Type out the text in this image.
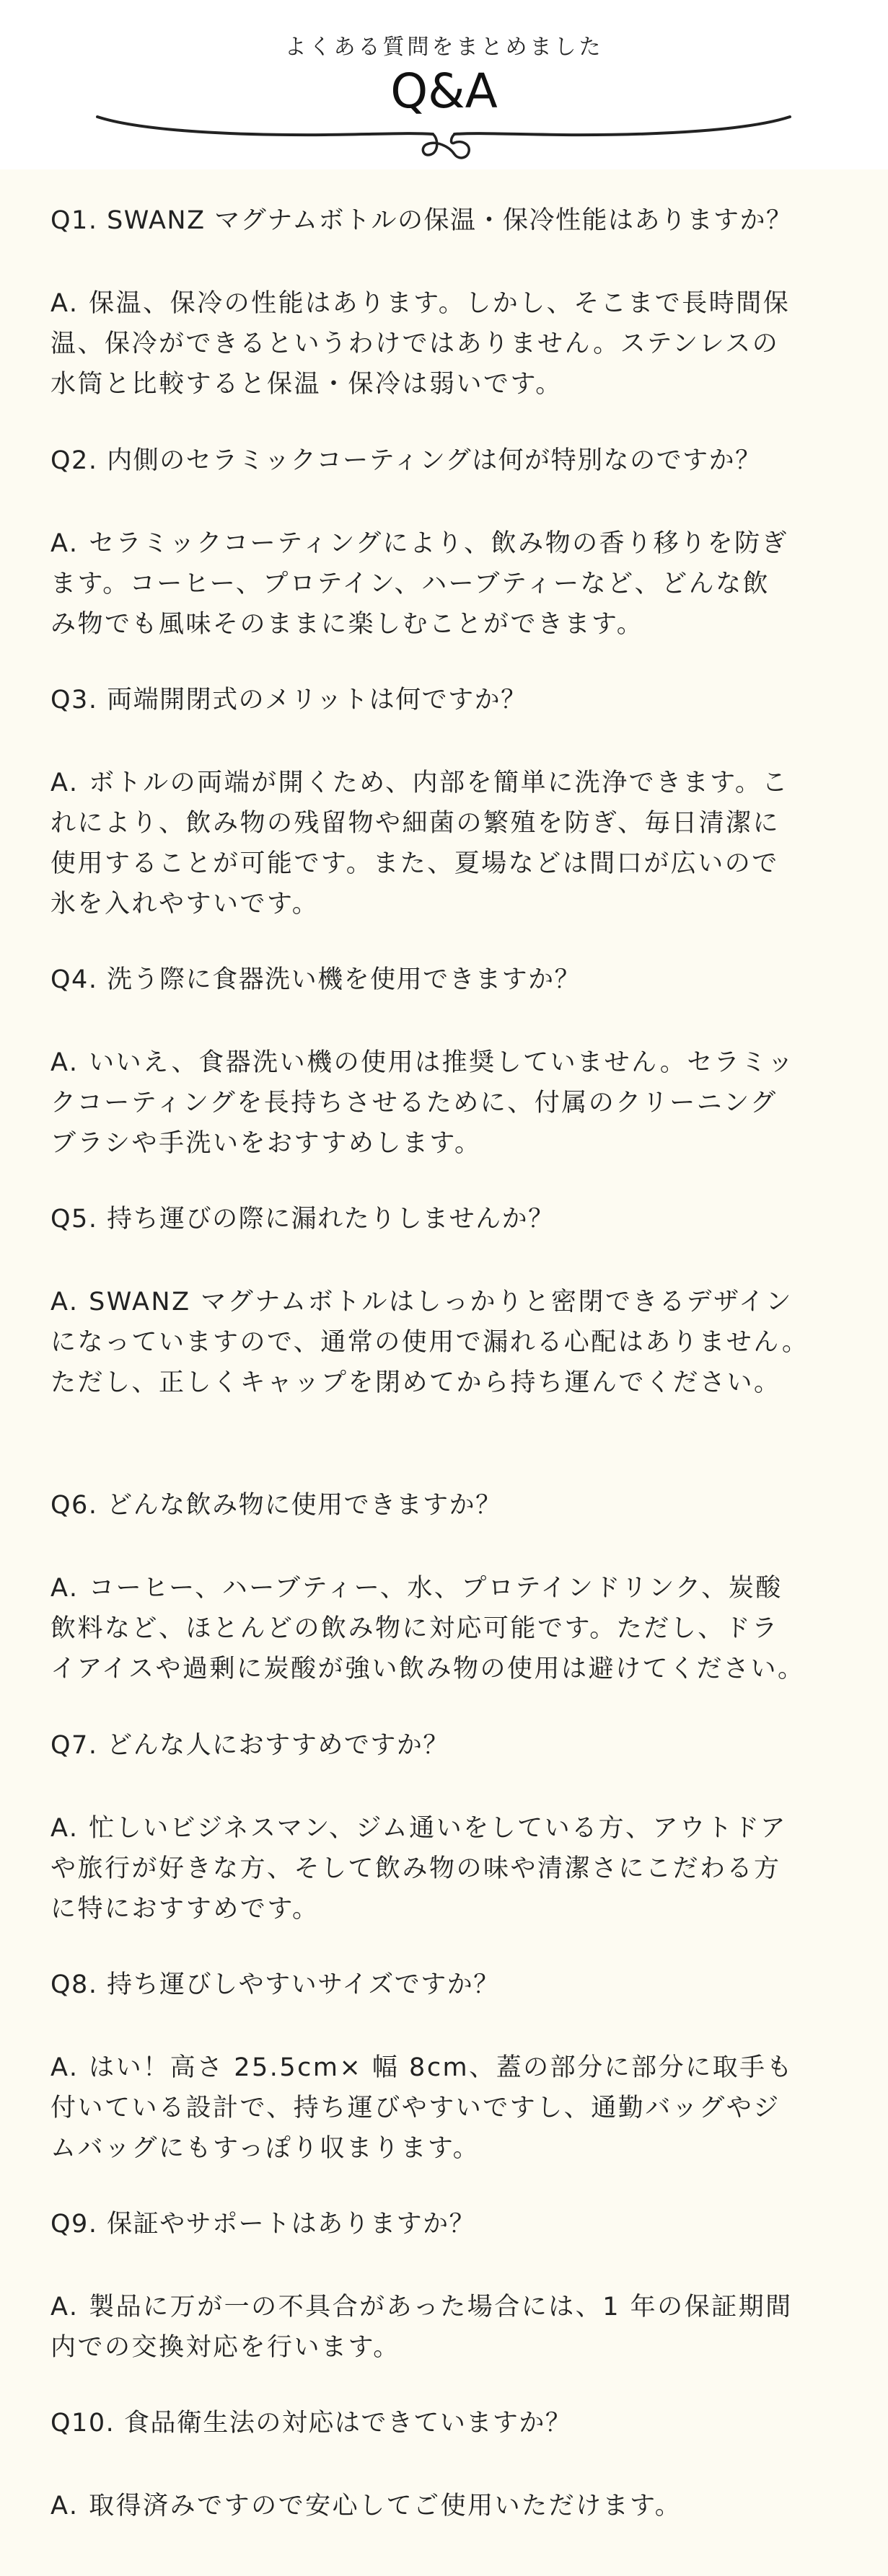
よくある質問をまとめました
Q&A

Q1. SWANZ マグナムボトルの保温・保冷性能はありますか？

A. 保温、保冷の性能はあります。しかし、そこまで長時間保
温、保冷ができるというわけではありません。ステンレスの
水筒と比較すると保温・保冷は弱いです。

Q2. 内側のセラミックコーティングは何が特別なのですか？

A. セラミックコーティングにより、飲み物の香り移りを防ぎ
ます。コーヒー、プロテイン、ハーブティーなど、どんな飲
み物でも風味そのままに楽しむことができます。

Q3. 両端開閉式のメリットは何ですか？

A. ボトルの両端が開くため、内部を簡単に洗浄できます。こ
れにより、飲み物の残留物や細菌の繁殖を防ぎ、毎日清潔に
使用することが可能です。また、夏場などは間口が広いので
氷を入れやすいです。

Q4. 洗う際に食器洗い機を使用できますか？

A. いいえ、食器洗い機の使用は推奨していません。セラミッ
クコーティングを長持ちさせるために、付属のクリーニング
ブラシや手洗いをおすすめします。

Q5. 持ち運びの際に漏れたりしませんか？

A. SWANZ マグナムボトルはしっかりと密閉できるデザイン
になっていますので、通常の使用で漏れる心配はありません。
ただし、正しくキャップを閉めてから持ち運んでください。

Q6. どんな飲み物に使用できますか？

A. コーヒー、ハーブティー、水、プロテインドリンク、炭酸
飲料など、ほとんどの飲み物に対応可能です。ただし、ドラ
イアイスや過剰に炭酸が強い飲み物の使用は避けてください。

Q7. どんな人におすすめですか？

A. 忙しいビジネスマン、ジム通いをしている方、アウトドア
や旅行が好きな方、そして飲み物の味や清潔さにこだわる方
に特におすすめです。

Q8. 持ち運びしやすいサイズですか？

A. はい！高さ 25.5cm× 幅 8cm、蓋の部分に部分に取手も
付いている設計で、持ち運びやすいですし、通勤バッグやジ
ムバッグにもすっぽり収まります。

Q9. 保証やサポートはありますか？

A. 製品に万が一の不具合があった場合には、1 年の保証期間
内での交換対応を行います。

Q10. 食品衛生法の対応はできていますか？

A. 取得済みですので安心してご使用いただけます。
